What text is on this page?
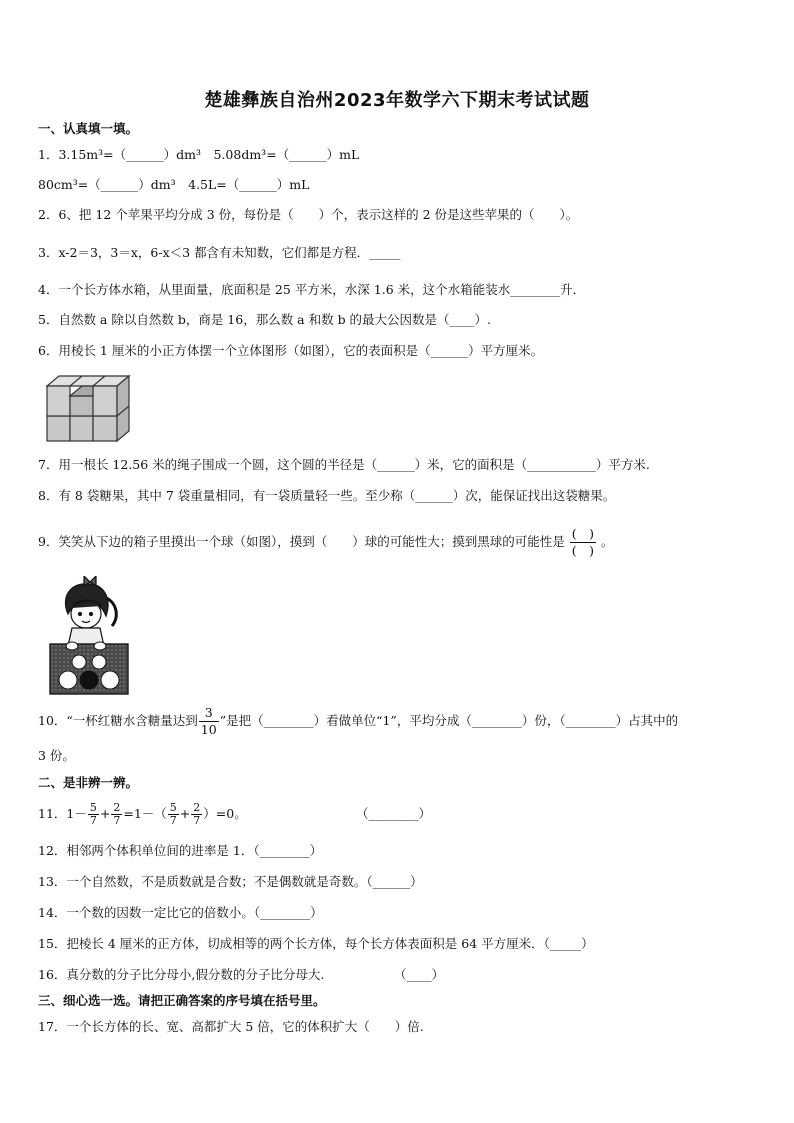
楚雄彝族自治州2023年数学六下期末考试试题
一、认真填一填。
1．3.15m³=（______）dm³　5.08dm³=（______）mL
80cm³=（______）dm³　4.5L=（______）mL
2．6、把 12 个苹果平均分成 3 份，每份是（　　）个，表示这样的 2 份是这些苹果的（　　）。
3．x-2＝3，3＝x，6-x＜3 都含有未知数，它们都是方程．_____
4．一个长方体水箱，从里面量，底面积是 25 平方米，水深 1.6 米，这个水箱能装水________升．
5．自然数 a 除以自然数 b，商是 16，那么数 a 和数 b 的最大公因数是（____）.
6．用棱长 1 厘米的小正方体摆一个立体图形（如图），它的表面积是（______）平方厘米。
7．用一根长 12.56 米的绳子围成一个圆，这个圆的半径是（______）米，它的面积是（___________）平方米.
8．有 8 袋糖果，其中 7 袋重量相同，有一袋质量轻一些。至少称（______）次，能保证找出这袋糖果。
9．笑笑从下边的箱子里摸出一个球（如图），摸到（　　）球的可能性大；摸到黑球的可能性是 $\frac{( )}{( )}$ 。
10．“一杯红糖水含糖量达到 $\frac{3}{10}$ ”是把（________）看做单位“1”，平均分成（________）份，（________）占其中的
3 份。
二、是非辨一辨。
11．$1- \frac{5}{7} + \frac{2}{7} =1-( \frac{5}{7} + \frac{2}{7} )=0$。	（________）
12．相邻两个体积单位间的进率是 1．（________）
13．一个自然数，不是质数就是合数；不是偶数就是奇数。（______）
14．一个数的因数一定比它的倍数小。（________）
15．把棱长 4 厘米的正方体，切成相等的两个长方体，每个长方体表面积是 64 平方厘米．（_____）
16．真分数的分子比分母小,假分数的分子比分母大.	（____）
三、细心选一选。请把正确答案的序号填在括号里。
17．一个长方体的长、宽、高都扩大 5 倍，它的体积扩大（　　）倍.
